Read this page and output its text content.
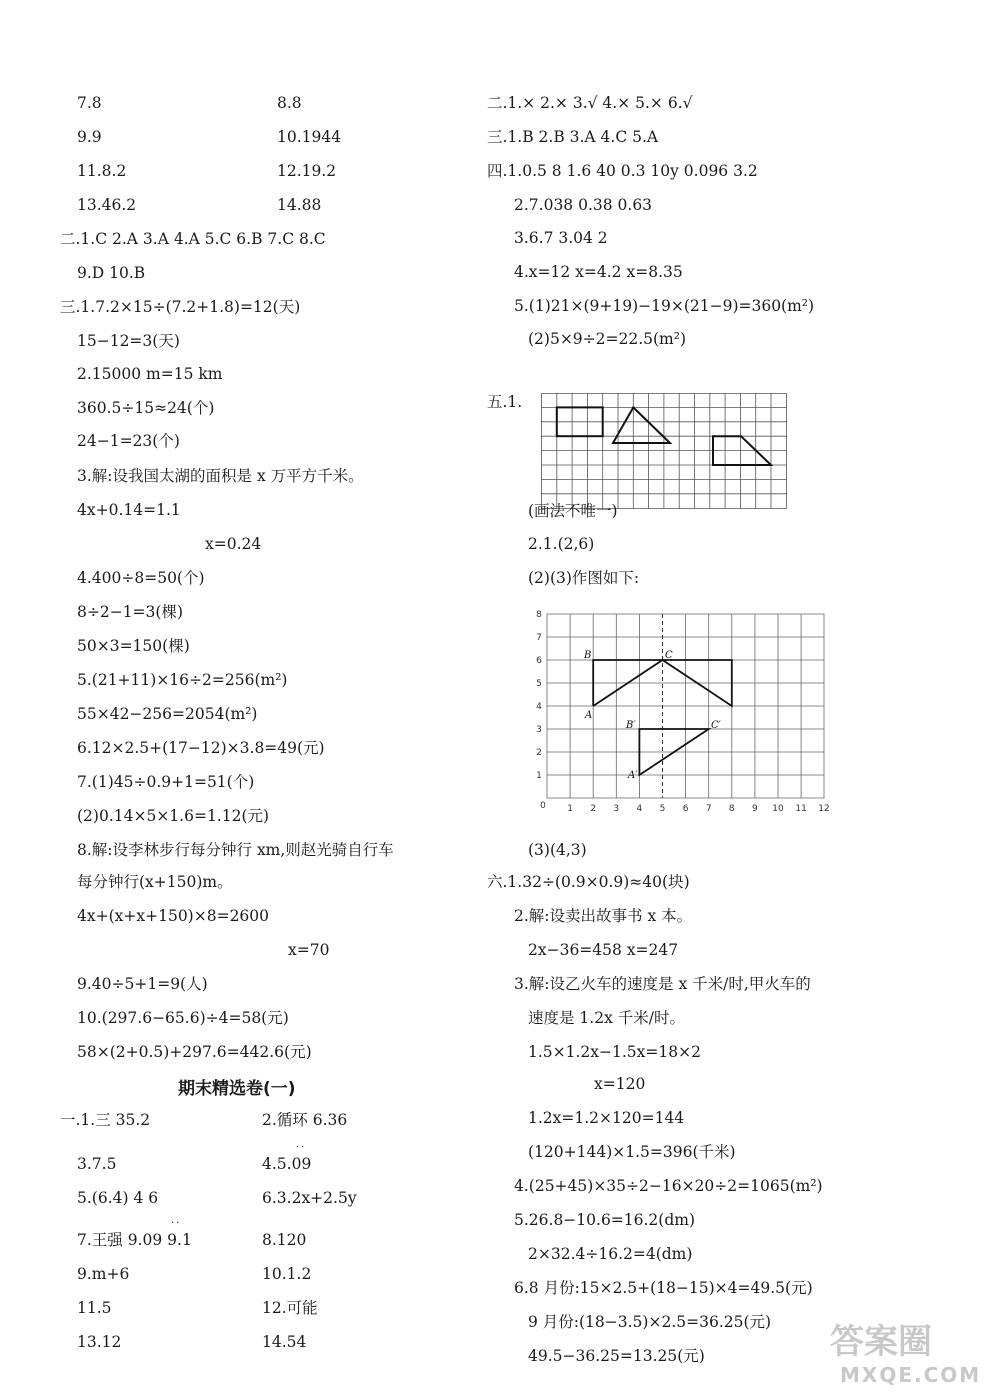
7.8	8.8
9.9	10.1944
11.8.2	12.19.2
13.46.2	14.88
二.1.C 2.A 3.A 4.A 5.C 6.B 7.C 8.C
9.D 10.B
三.1.7.2×15÷(7.2+1.8)=12(天)
15−12=3(天)
2.15000 m=15 km
360.5÷15≈24(个)
24−1=23(个)
3.解:设我国太湖的面积是 x 万平方千米。
4x+0.14=1.1
x=0.24
4.400÷8=50(个)
8÷2−1=3(棵)
50×3=150(棵)
5.(21+11)×16÷2=256(m²)
55×42−256=2054(m²)
6.12×2.5+(17−12)×3.8=49(元)
7.(1)45÷0.9+1=51(个)
(2)0.14×5×1.6=1.12(元)
8.解:设李林步行每分钟行 xm,则赵光骑自行车
每分钟行(x+150)m。
4x+(x+x+150)×8=2600
x=70
9.40÷5+1=9(人)
10.(297.6−65.6)÷4=58(元)
58×(2+0.5)+297.6=442.6(元)
期末精选卷(一)
一.1.三 35.2	2.循环 6.36
3.7.5	4.5.09
··
5.(6.4) 4 6	6.3.2x+2.5y
7.王强 9.09 9.1	8.120
··
9.m+6	10.1.2
11.5	12.可能
13.12	14.54
二.1.× 2.× 3.√ 4.× 5.× 6.√
三.1.B 2.B 3.A 4.C 5.A
四.1.0.5 8 1.6 40 0.3 10y 0.096 3.2
2.7.038 0.38 0.63
3.6.7 3.04 2
4.x=12 x=4.2 x=8.35
5.(1)21×(9+19)−19×(21−9)=360(m²)
(2)5×9÷2=22.5(m²)
五.1.
(画法不唯一)
2.1.(2,6)
(2)(3)作图如下:
B	C
A
B′	C′
A′
0 1 2 3 4 5 6 7 8 9 10 11 12
1
2
3
4
5
6
7
8
(3)(4,3)
六.1.32÷(0.9×0.9)≈40(块)
2.解:设卖出故事书 x 本。
2x−36=458 x=247
3.解:设乙火车的速度是 x 千米/时,甲火车的
速度是 1.2x 千米/时。
1.5×1.2x−1.5x=18×2
x=120
1.2x=1.2×120=144
(120+144)×1.5=396(千米)
4.(25+45)×35÷2−16×20÷2=1065(m²)
5.26.8−10.6=16.2(dm)
2×32.4÷16.2=4(dm)
6.8 月份:15×2.5+(18−15)×4=49.5(元)
9 月份:(18−3.5)×2.5=36.25(元)
49.5−36.25=13.25(元)	答案圈
MXQE.COM
